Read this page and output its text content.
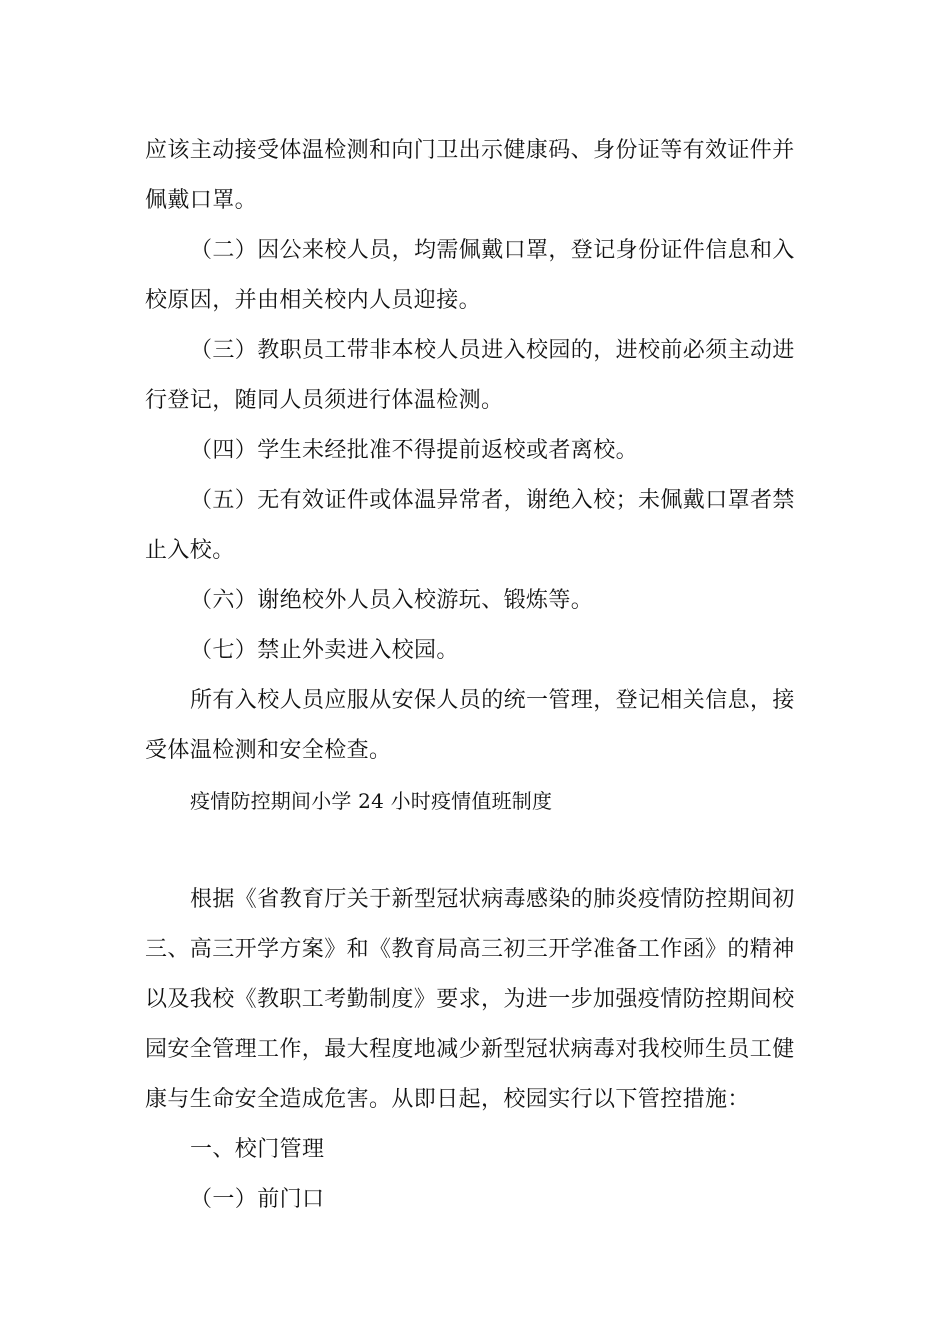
应该主动接受体温检测和向门卫出示健康码、身份证等有效证件并
佩戴口罩。
（二）因公来校人员，均需佩戴口罩，登记身份证件信息和入
校原因，并由相关校内人员迎接。
（三）教职员工带非本校人员进入校园的，进校前必须主动进
行登记，随同人员须进行体温检测。
（四）学生未经批准不得提前返校或者离校。
（五）无有效证件或体温异常者，谢绝入校；未佩戴口罩者禁
止入校。
（六）谢绝校外人员入校游玩、锻炼等。
（七）禁止外卖进入校园。
所有入校人员应服从安保人员的统一管理，登记相关信息，接
受体温检测和安全检查。
疫情防控期间小学 24 小时疫情值班制度
根据《省教育厅关于新型冠状病毒感染的肺炎疫情防控期间初
三、高三开学方案》和《教育局高三初三开学准备工作函》的精神
以及我校《教职工考勤制度》要求，为进一步加强疫情防控期间校
园安全管理工作，最大程度地减少新型冠状病毒对我校师生员工健
康与生命安全造成危害。从即日起，校园实行以下管控措施：
一、校门管理
（一）前门口
